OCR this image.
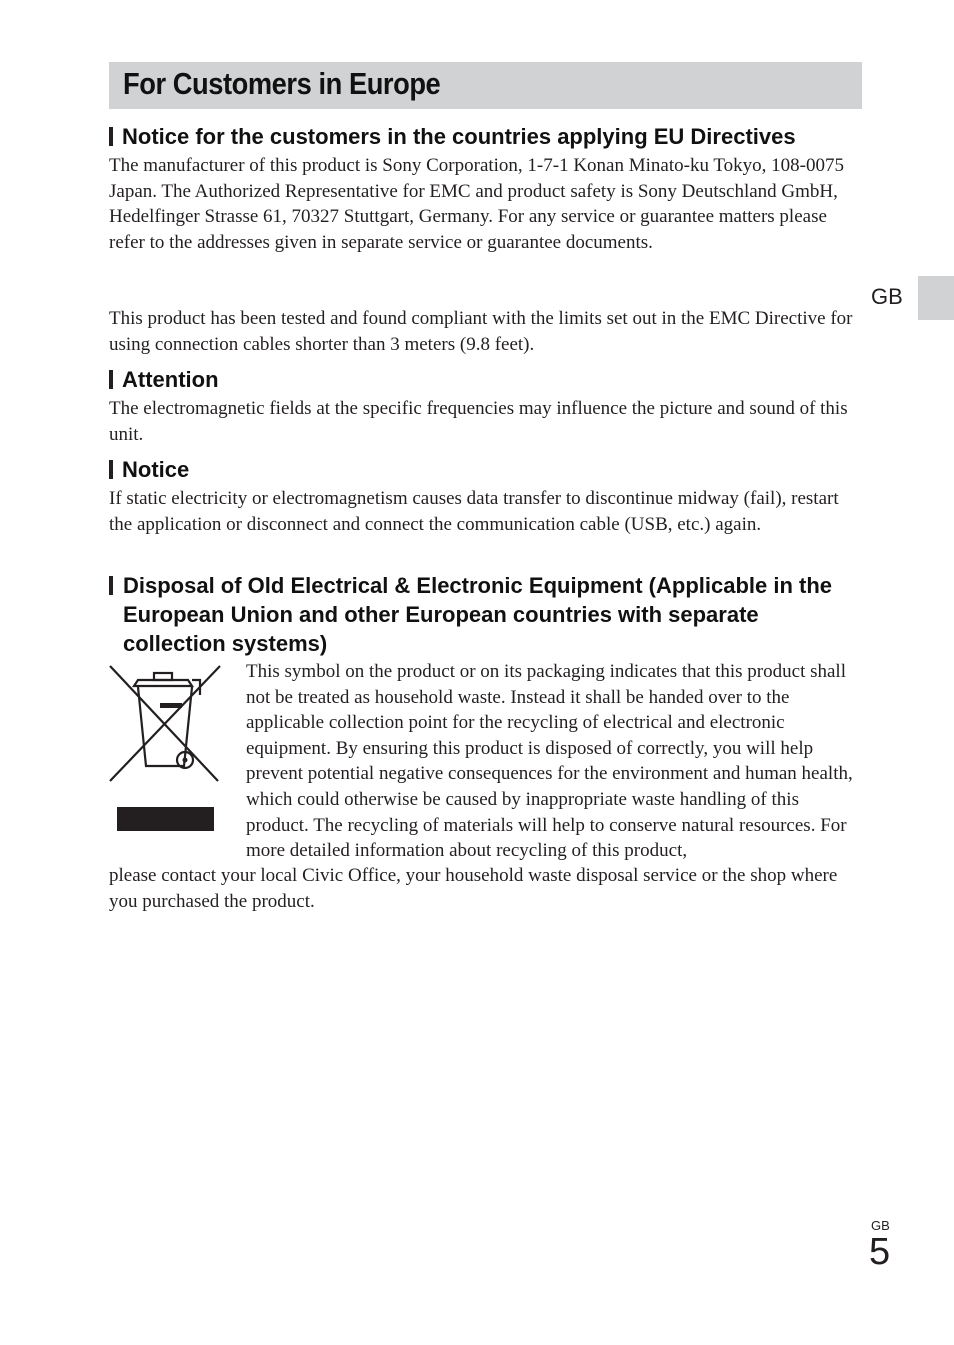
For Customers in Europe
GB
Notice for the customers in the countries applying EU Directives

The manufacturer of this product is Sony Corporation, 1-7-1 Konan Minato-ku Tokyo, 108-0075 Japan. The Authorized Representative for EMC and product safety is Sony Deutschland GmbH, Hedelfinger Strasse 61, 70327 Stuttgart, Germany. For any service or guarantee matters please refer to the addresses given in separate service or guarantee documents.

This product has been tested and found compliant with the limits set out in the EMC Directive for using connection cables shorter than 3 meters (9.8 feet).

Attention

The electromagnetic fields at the specific frequencies may influence the picture and sound of this unit.

Notice

If static electricity or electromagnetism causes data transfer to discontinue midway (fail), restart the application or disconnect and connect the communication cable (USB, etc.) again.

Disposal of Old Electrical & Electronic Equipment (Applicable in the European Union and other European countries with separate collection systems)

This symbol on the product or on its packaging indicates that this product shall not be treated as household waste. Instead it shall be handed over to the applicable collection point for the recycling of electrical and electronic equipment. By ensuring this product is disposed of correctly, you will help prevent potential negative consequences for the environment and human health, which could otherwise be caused by inappropriate waste handling of this product. The recycling of materials will help to conserve natural resources. For more detailed information about recycling of this product,

please contact your local Civic Office, your household waste disposal service or the shop where you purchased the product.

GB
5
